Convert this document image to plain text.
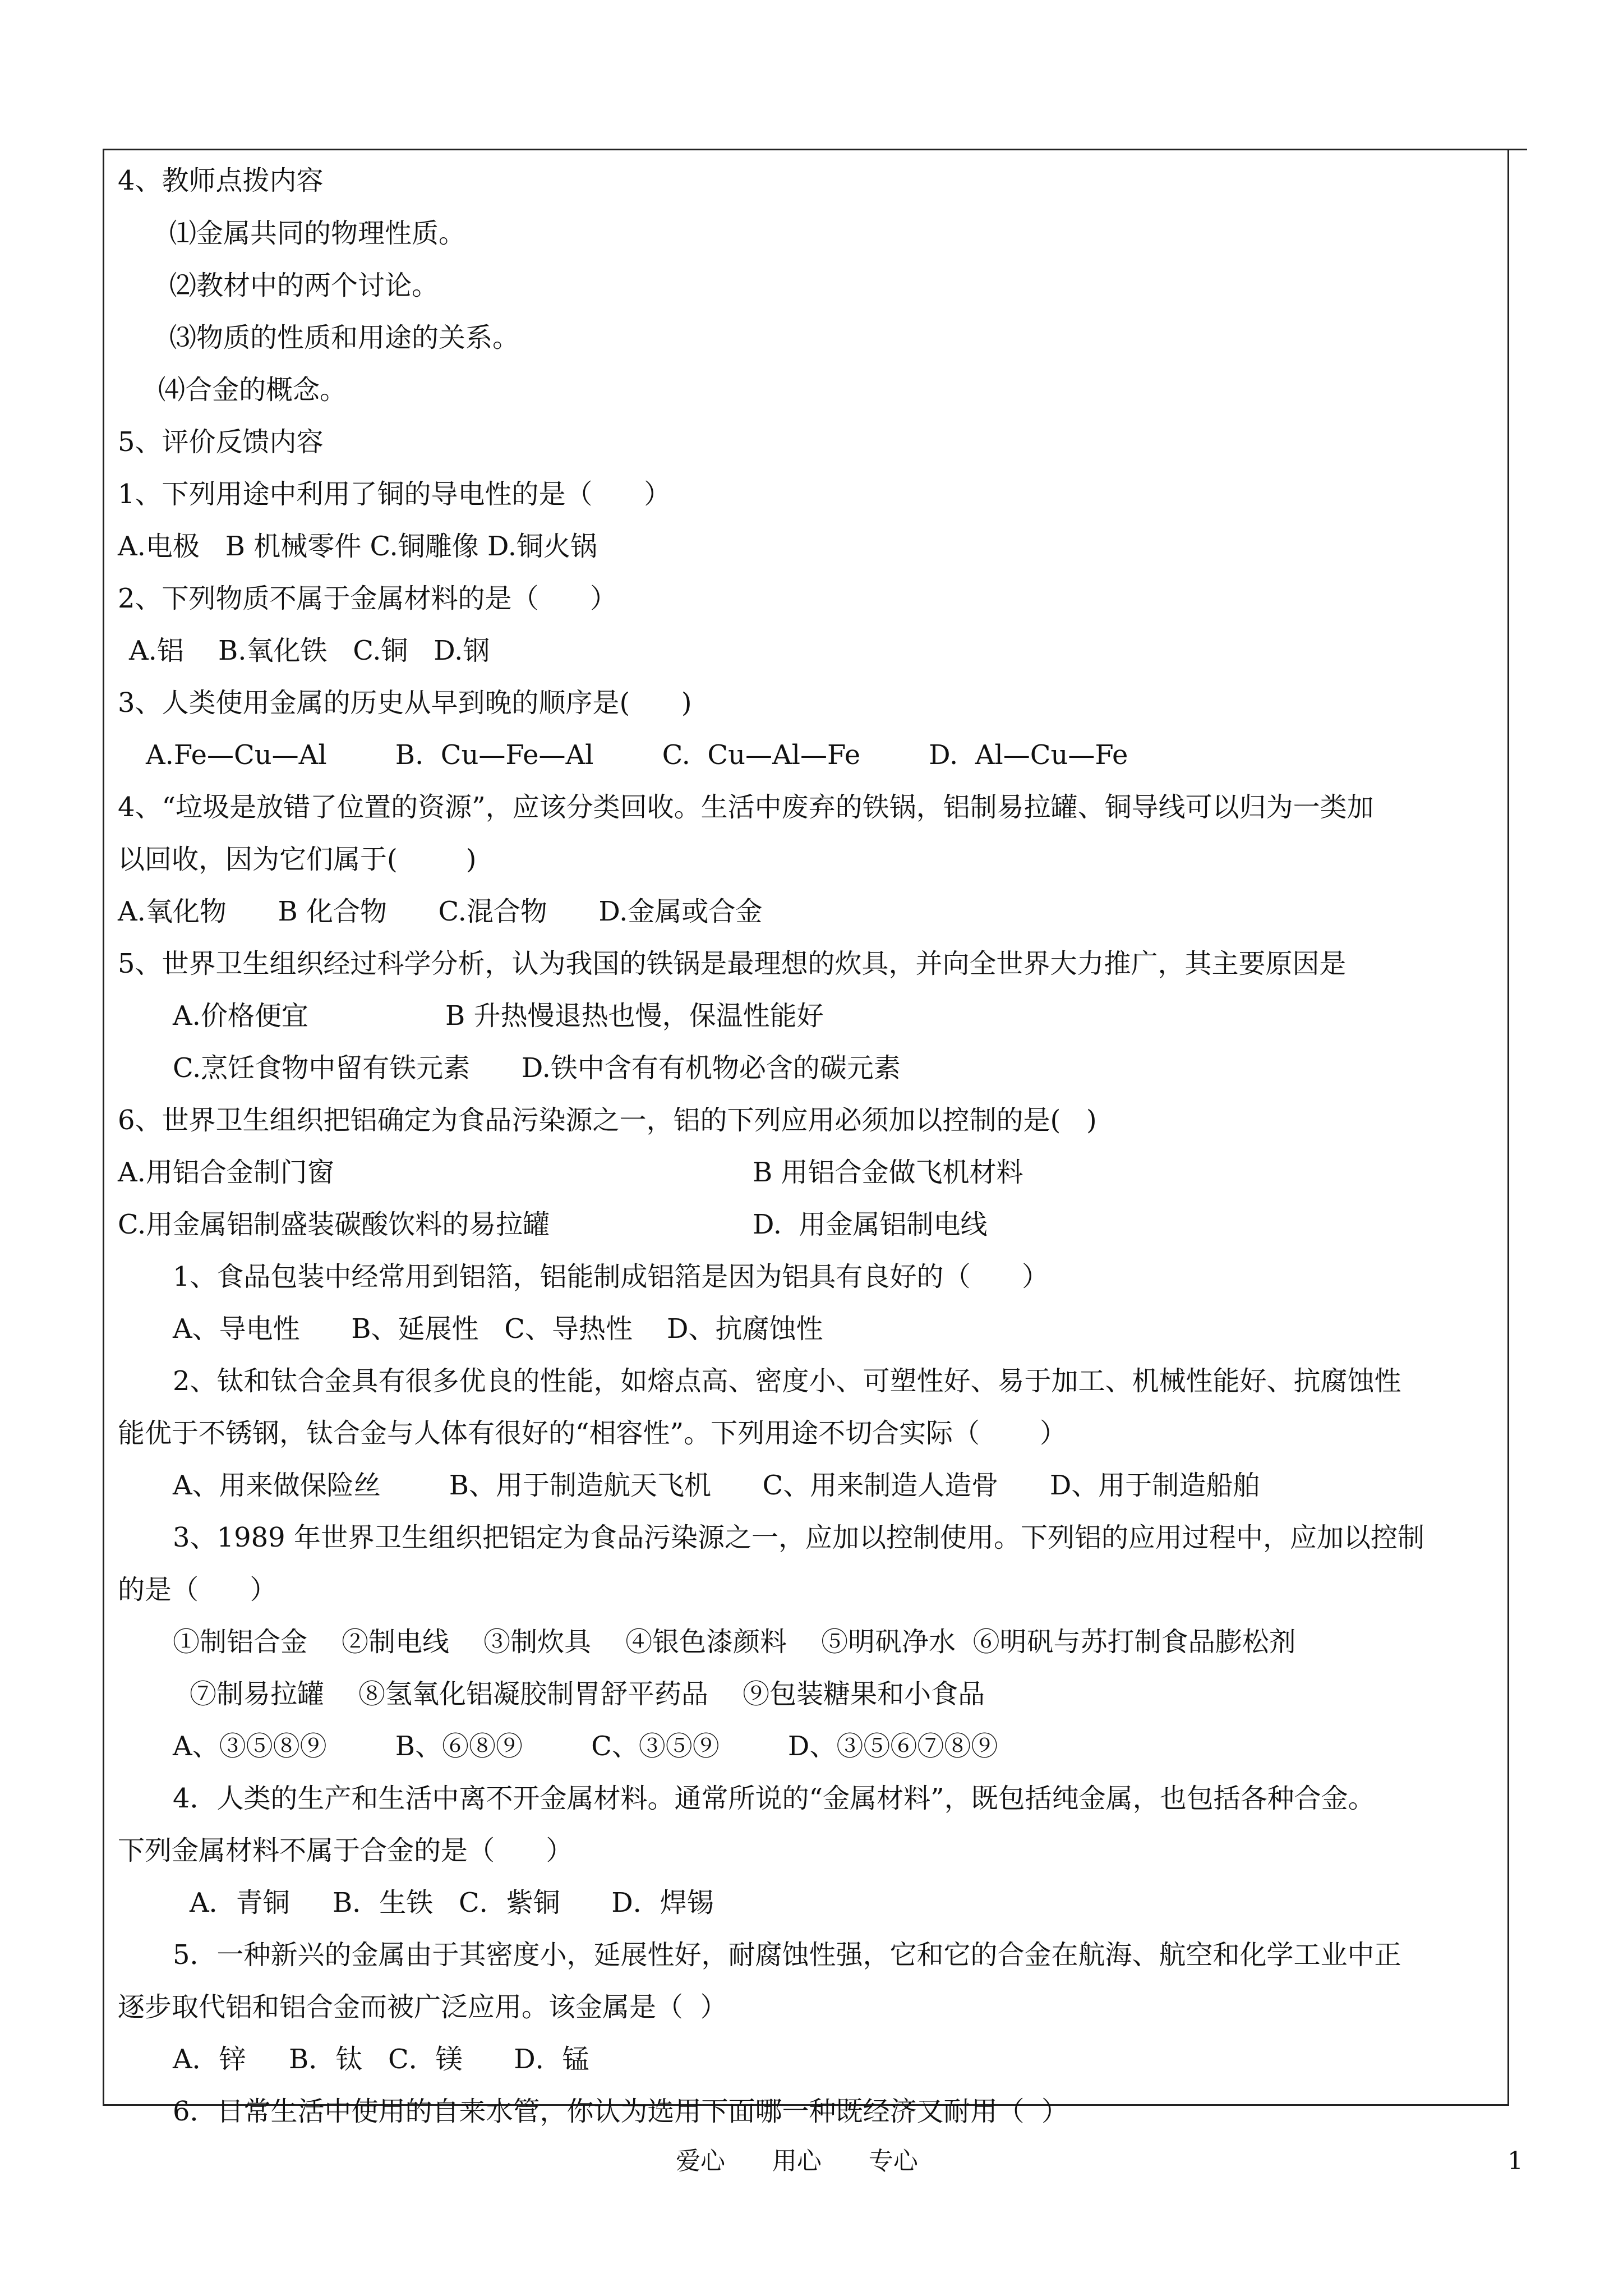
4、教师点拨内容
⑴金属共同的物理性质。
⑵教材中的两个讨论。
⑶物质的性质和用途的关系。
⑷合金的概念。
5、评价反馈内容
1、下列用途中利用了铜的导电性的是（      ）
A.电极   B 机械零件 C.铜雕像 D.铜火锅
2、下列物质不属于金属材料的是（      ）
A.铝    B.氧化铁   C.铜   D.钢
3、人类使用金属的历史从早到晚的顺序是(      )
A.Fe—Cu—Al        B.  Cu—Fe—Al        C.  Cu—Al—Fe        D.  Al—Cu—Fe
4、“垃圾是放错了位置的资源”，应该分类回收。生活中废弃的铁锅，铝制易拉罐、铜导线可以归为一类加
以回收，因为它们属于(        )
A.氧化物      B 化合物      C.混合物      D.金属或合金
5、世界卫生组织经过科学分析，认为我国的铁锅是最理想的炊具，并向全世界大力推广，其主要原因是
A.价格便宜                B 升热慢退热也慢，保温性能好
C.烹饪食物中留有铁元素      D.铁中含有有机物必含的碳元素
6、世界卫生组织把铝确定为食品污染源之一，铝的下列应用必须加以控制的是(   )
A.用铝合金制门窗	B 用铝合金做飞机材料
C.用金属铝制盛装碳酸饮料的易拉罐	D.  用金属铝制电线
1、食品包装中经常用到铝箔，铝能制成铝箔是因为铝具有良好的（      ）
A、导电性      B、延展性   C、导热性    D、抗腐蚀性
2、钛和钛合金具有很多优良的性能，如熔点高、密度小、可塑性好、易于加工、机械性能好、抗腐蚀性
能优于不锈钢，钛合金与人体有很好的“相容性”。下列用途不切合实际（       ）
A、用来做保险丝        B、用于制造航天飞机      C、用来制造人造骨      D、用于制造船舶
3、1989 年世界卫生组织把铝定为食品污染源之一，应加以控制使用。下列铝的应用过程中，应加以控制
的是（      ）
①制铝合金    ②制电线    ③制炊具    ④银色漆颜料    ⑤明矾净水  ⑥明矾与苏打制食品膨松剂
⑦制易拉罐    ⑧氢氧化铝凝胶制胃舒平药品    ⑨包装糖果和小食品
A、③⑤⑧⑨        B、⑥⑧⑨        C、③⑤⑨        D、③⑤⑥⑦⑧⑨
4．人类的生产和生活中离不开金属材料。通常所说的“金属材料”，既包括纯金属，也包括各种合金。
下列金属材料不属于合金的是（      ）
A．青铜     B．生铁   C．紫铜      D．焊锡
5．一种新兴的金属由于其密度小，延展性好，耐腐蚀性强，它和它的合金在航海、航空和化学工业中正
逐步取代铝和铝合金而被广泛应用。该金属是（  ）
A．锌     B．钛   C．镁      D．锰
6．日常生活中使用的自来水管，你认为选用下面哪一种既经济又耐用（  ）
爱心      用心      专心	1
